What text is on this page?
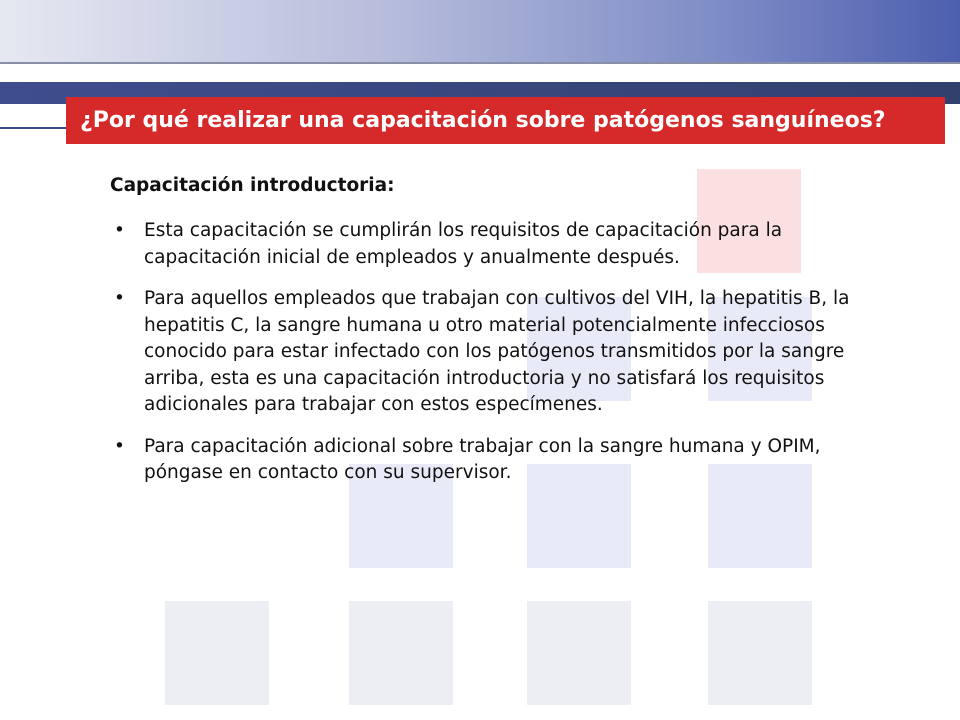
¿Por qué realizar una capacitación sobre patógenos sanguíneos?
Capacitación introductoria:
• Esta capacitación se cumplirán los requisitos de capacitación para la capacitación inicial de empleados y anualmente después.
• Para aquellos empleados que trabajan con cultivos del VIH, la hepatitis B, la hepatitis C, la sangre humana u otro material potencialmente infecciosos conocido para estar infectado con los patógenos transmitidos por la sangre arriba, esta es una capacitación introductoria y no satisfará los requisitos adicionales para trabajar con estos especímenes.
• Para capacitación adicional sobre trabajar con la sangre humana y OPIM, póngase en contacto con su supervisor.
